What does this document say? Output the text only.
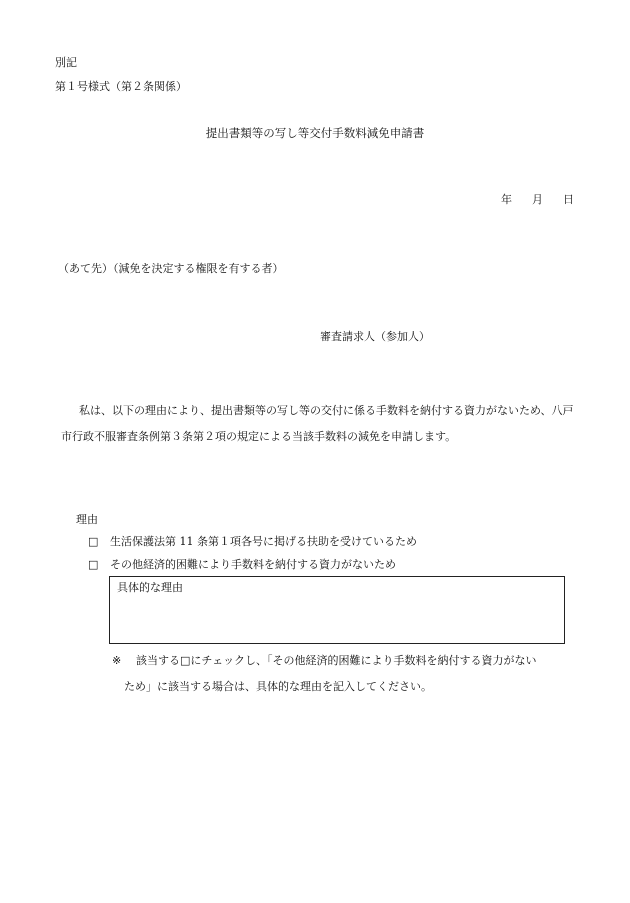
別記
第１号様式（第２条関係）
提出書類等の写し等交付手数料減免申請書
年 月 日
（あて先）（減免を決定する権限を有する者）
審査請求人（参加人）
私は、以下の理由により、提出書類等の写し等の交付に係る手数料を納付する資力がないため、八戸市行政不服審査条例第３条第２項の規定による当該手数料の減免を申請します。
理由
□ 生活保護法第 11 条第１項各号に掲げる扶助を受けているため
□ その他経済的困難により手数料を納付する資力がないため
具体的な理由
※ 該当する□にチェックし、「その他経済的困難により手数料を納付する資力がない
ため」に該当する場合は、具体的な理由を記入してください。
